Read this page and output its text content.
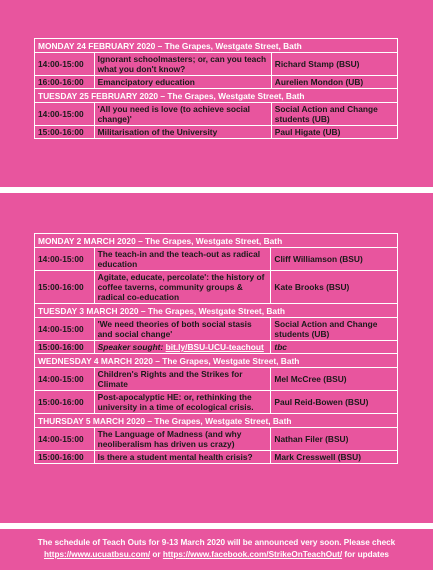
MONDAY 24 FEBRUARY 2020 – The Grapes, Westgate Street, Bath		
14:00-15:00	Ignorant schoolmasters; or, can you teach what you don't know?	Richard Stamp (BSU)
16:00-16:00	Emancipatory education	Aurelien Mondon (UB)
TUESDAY 25 FEBRUARY 2020 – The Grapes, Westgate Street, Bath		
14:00-15:00	'All you need is love (to achieve social change)'	Social Action and Change students (UB)
15:00-16:00	Militarisation of the University	Paul Higate (UB)
MONDAY 2 MARCH 2020 – The Grapes, Westgate Street, Bath		
14:00-15:00	The teach-in and the teach-out as radical education	Cliff Williamson (BSU)
15:00-16:00	Agitate, educate, percolate': the history of coffee taverns, community groups & radical co-education	Kate Brooks (BSU)
TUESDAY 3 MARCH 2020 – The Grapes, Westgate Street, Bath		
14:00-15:00	'We need theories of both social stasis and social change'	Social Action and Change students (UB)
15:00-16:00	Speaker sought: bit.ly/BSU-UCU-teachout	tbc
WEDNESDAY 4 MARCH 2020 – The Grapes, Westgate Street, Bath		
14:00-15:00	Children's Rights and the Strikes for Climate	Mel McCree (BSU)
15:00-16:00	Post-apocalyptic HE: or, rethinking the university in a time of ecological crisis.	Paul Reid-Bowen (BSU)
THURSDAY 5 MARCH 2020 – The Grapes, Westgate Street, Bath		
14:00-15:00	The Language of Madness (and why neoliberalism has driven us crazy)	Nathan Filer (BSU)
15:00-16:00	Is there a student mental health crisis?	Mark Cresswell (BSU)
The schedule of Teach Outs for 9-13 March 2020 will be announced very soon. Please check
https://www.ucuatbsu.com/ or https://www.facebook.com/StrikeOnTeachOut/ for updates
